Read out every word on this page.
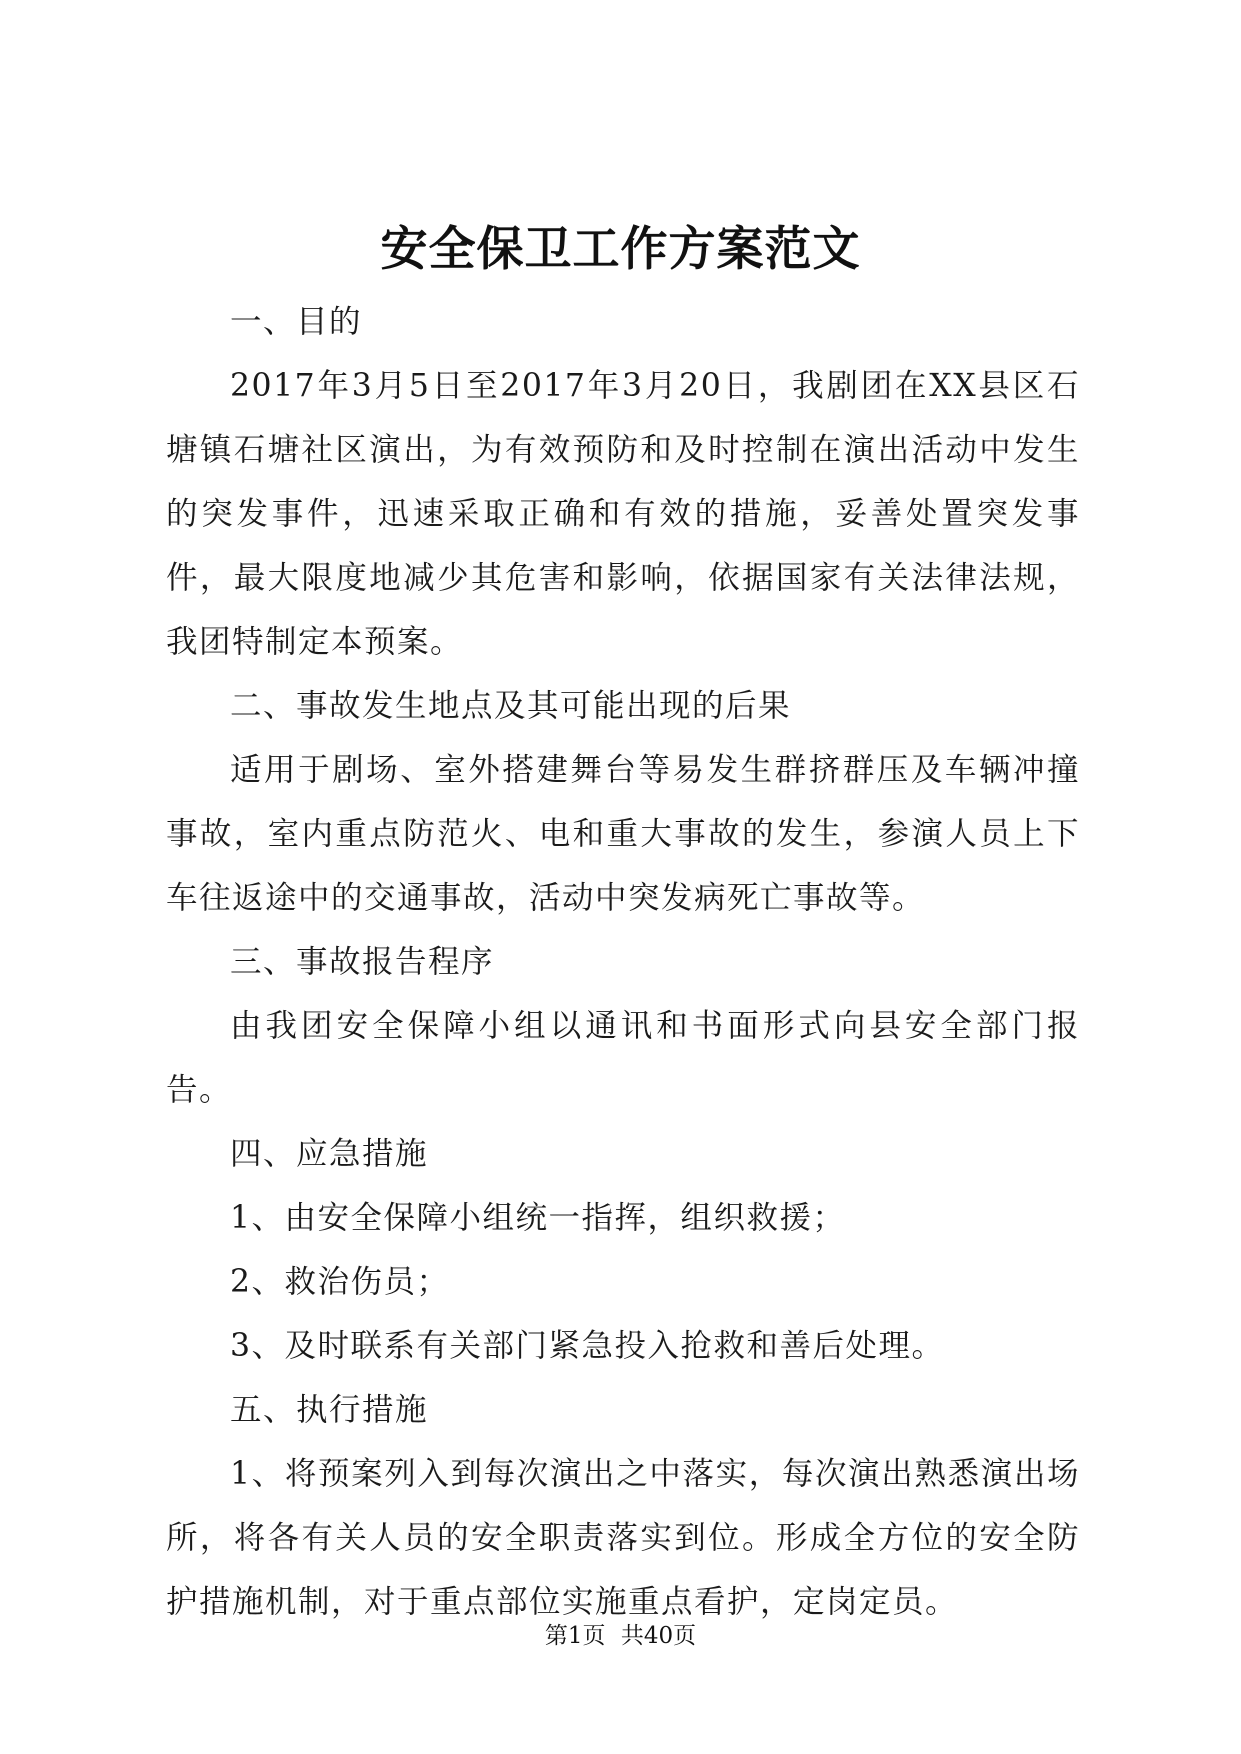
安全保卫工作方案范文

一、目的

2017年3月5日至2017年3月20日，我剧团在XX县区石塘镇石塘社区演出，为有效预防和及时控制在演出活动中发生的突发事件，迅速采取正确和有效的措施，妥善处置突发事件，最大限度地减少其危害和影响，依据国家有关法律法规，我团特制定本预案。

二、事故发生地点及其可能出现的后果

适用于剧场、室外搭建舞台等易发生群挤群压及车辆冲撞事故，室内重点防范火、电和重大事故的发生，参演人员上下车往返途中的交通事故，活动中突发病死亡事故等。

三、事故报告程序

由我团安全保障小组以通讯和书面形式向县安全部门报告。

四、应急措施

1、由安全保障小组统一指挥，组织救援；

2、救治伤员；

3、及时联系有关部门紧急投入抢救和善后处理。

五、执行措施

1、将预案列入到每次演出之中落实，每次演出熟悉演出场所，将各有关人员的安全职责落实到位。形成全方位的安全防护措施机制，对于重点部位实施重点看护，定岗定员。

第1页 共40页
